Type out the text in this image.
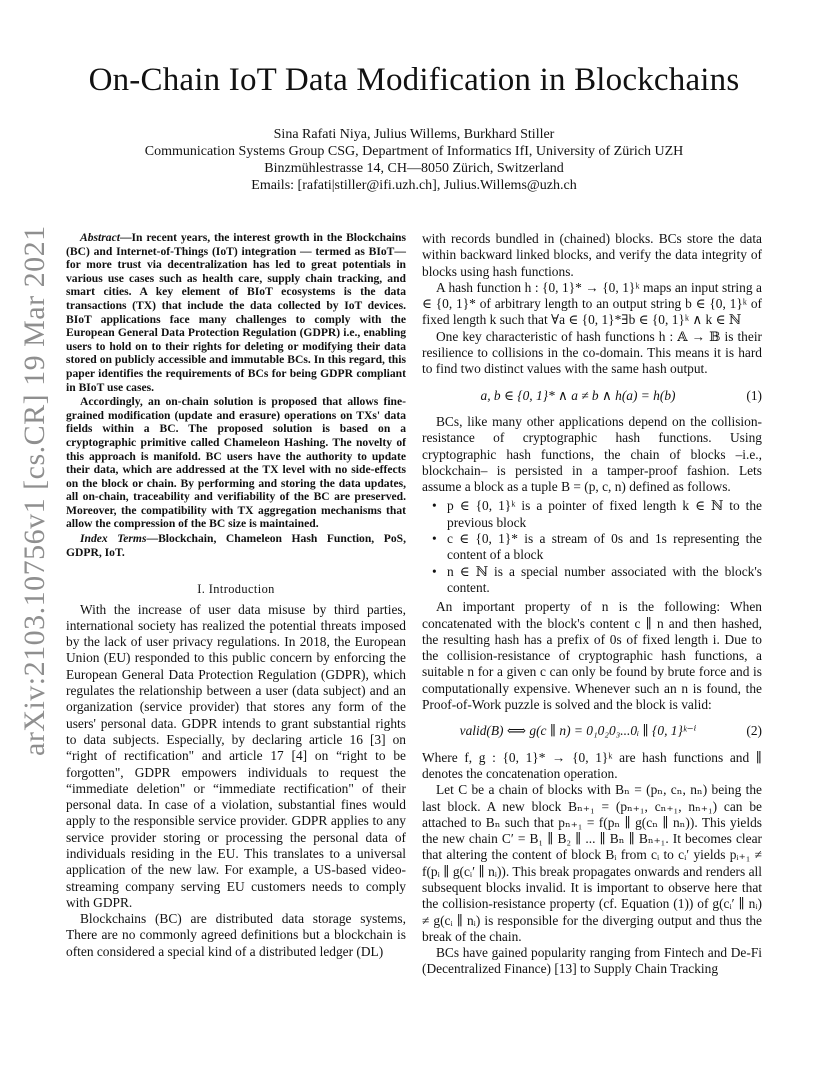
On-Chain IoT Data Modification in Blockchains
Sina Rafati Niya, Julius Willems, Burkhard Stiller
Communication Systems Group CSG, Department of Informatics IfI, University of Zürich UZH
Binzmühlestrasse 14, CH—8050 Zürich, Switzerland
Emails: [rafati|stiller@ifi.uzh.ch], Julius.Willems@uzh.ch
arXiv:2103.10756v1 [cs.CR] 19 Mar 2021	Abstract—In recent years, the interest growth in the Blockchains (BC) and Internet-of-Things (IoT) integration — termed as BIoT— for more trust via decentralization has led to great potentials in various use cases such as health care, supply chain tracking, and smart cities. A key element of BIoT ecosystems is the data transactions (TX) that include the data collected by IoT devices. BIoT applications face many challenges to comply with the European General Data Protection Regulation (GDPR) i.e., enabling users to hold on to their rights for deleting or modifying their data stored on publicly accessible and immutable BCs. In this regard, this paper identifies the requirements of BCs for being GDPR compliant in BIoT use cases.

Accordingly, an on-chain solution is proposed that allows fine-grained modification (update and erasure) operations on TXs' data fields within a BC. The proposed solution is based on a cryptographic primitive called Chameleon Hashing. The novelty of this approach is manifold. BC users have the authority to update their data, which are addressed at the TX level with no side-effects on the block or chain. By performing and storing the data updates, all on-chain, traceability and verifiability of the BC are preserved. Moreover, the compatibility with TX aggregation mechanisms that allow the compression of the BC size is maintained.

Index Terms—Blockchain, Chameleon Hash Function, PoS, GDPR, IoT.

I. Introduction

With the increase of user data misuse by third parties, international society has realized the potential threats imposed by the lack of user privacy regulations. In 2018, the European Union (EU) responded to this public concern by enforcing the European General Data Protection Regulation (GDPR), which regulates the relationship between a user (data subject) and an organization (service provider) that stores any form of the users' personal data. GDPR intends to grant substantial rights to data subjects. Especially, by declaring article 16 [3] on “right of rectification" and article 17 [4] on “right to be forgotten", GDPR empowers individuals to request the “immediate deletion" or “immediate rectification" of their personal data. In case of a violation, substantial fines would apply to the responsible service provider. GDPR applies to any service provider storing or processing the personal data of individuals residing in the EU. This translates to a universal application of the new law. For example, a US-based video-streaming company serving EU customers needs to comply with GDPR.

Blockchains (BC) are distributed data storage systems, There are no commonly agreed definitions but a blockchain is often considered a special kind of a distributed ledger (DL)

with records bundled in (chained) blocks. BCs store the data within backward linked blocks, and verify the data integrity of blocks using hash functions.

A hash function h : {0, 1}* → {0, 1}ᵏ maps an input string a ∈ {0, 1}* of arbitrary length to an output string b ∈ {0, 1}ᵏ of fixed length k such that ∀a ∈ {0, 1}*∃b ∈ {0, 1}ᵏ ∧ k ∈ ℕ

One key characteristic of hash functions h : 𝔸 → 𝔹 is their resilience to collisions in the co-domain. This means it is hard to find two distinct values with the same hash output.

a, b ∈ {0, 1}* ∧ a ≠ b ∧ h(a) = h(b)	(1)

BCs, like many other applications depend on the collision-resistance of cryptographic hash functions. Using cryptographic hash functions, the chain of blocks –i.e., blockchain– is persisted in a tamper-proof fashion. Lets assume a block as a tuple B = (p, c, n) defined as follows.

• p ∈ {0, 1}ᵏ is a pointer of fixed length k ∈ ℕ to the previous block
• c ∈ {0, 1}* is a stream of 0s and 1s representing the content of a block
• n ∈ ℕ is a special number associated with the block's content.

An important property of n is the following: When concatenated with the block's content c ∥ n and then hashed, the resulting hash has a prefix of 0s of fixed length i. Due to the collision-resistance of cryptographic hash functions, a suitable n for a given c can only be found by brute force and is computationally expensive. Whenever such an n is found, the Proof-of-Work puzzle is solved and the block is valid:

valid(B) ⟺ g(c ∥ n) = 0₁0₂0₃...0ᵢ ∥ {0, 1}ᵏ⁻ⁱ	(2)

Where f, g : {0, 1}* → {0, 1}ᵏ are hash functions and ∥ denotes the concatenation operation.

Let C be a chain of blocks with Bₙ = (pₙ, cₙ, nₙ) being the last block. A new block Bₙ₊₁ = (pₙ₊₁, cₙ₊₁, nₙ₊₁) can be attached to Bₙ such that pₙ₊₁ = f(pₙ ∥ g(cₙ ∥ nₙ)). This yields the new chain C′ = B₁ ∥ B₂ ∥ ... ∥ Bₙ ∥ Bₙ₊₁. It becomes clear that altering the content of block Bᵢ from cᵢ to cᵢ′ yields pᵢ₊₁ ≠ f(pᵢ ∥ g(cᵢ′ ∥ nᵢ)). This break propagates onwards and renders all subsequent blocks invalid. It is important to observe here that the collision-resistance property (cf. Equation (1)) of g(cᵢ′ ∥ nᵢ) ≠ g(cᵢ ∥ nᵢ) is responsible for the diverging output and thus the break of the chain.

BCs have gained popularity ranging from Fintech and De-Fi (Decentralized Finance) [13] to Supply Chain Tracking
